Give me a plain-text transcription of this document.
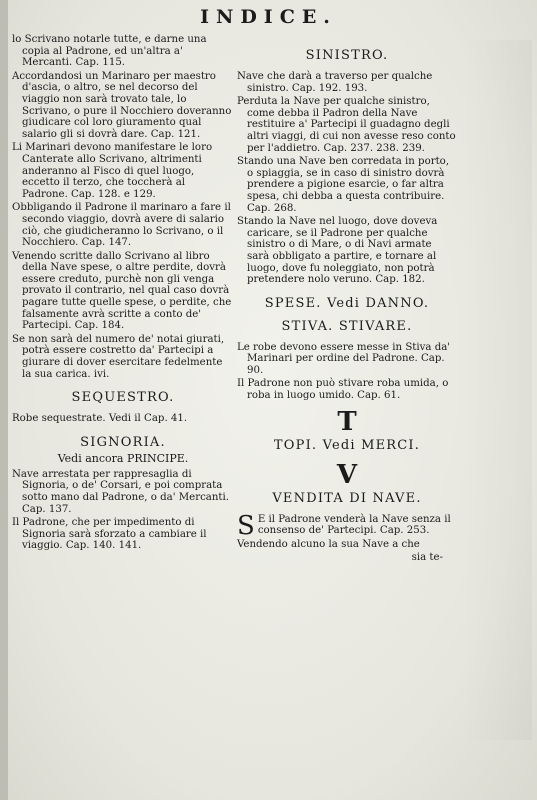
INDICE.

lo Scrivano notarle tutte, e darne una copia al Padrone, ed un'altra a' Mercanti. Cap. 115.

Accordandosi un Marinaro per maestro d'ascia, o altro, se nel decorso del viaggio non sarà trovato tale, lo Scrivano, o pure il Nocchiero doveranno giudicare col loro giuramento qual salario gli si dovrà dare. Cap. 121.

Li Marinari devono manifestare le loro Canterate allo Scrivano, altrimenti anderanno al Fisco di quel luogo, eccetto il terzo, che toccherà al Padrone. Cap. 128. e 129.

Obbligando il Padrone il marinaro a fare il secondo viaggio, dovrà avere di salario ciò, che giudicheranno lo Scrivano, o il Nocchiero. Cap. 147.

Venendo scritte dallo Scrivano al libro della Nave spese, o altre perdite, dovrà essere creduto, purchè non gli venga provato il contrario, nel qual caso dovrà pagare tutte quelle spese, o perdite, che falsamente avrà scritte a conto de' Partecipi. Cap. 184.

Se non sarà del numero de' notai giurati, potrà essere costretto da' Partecipi a giurare di dover esercitare fedelmente la sua carica. ivi.

SEQUESTRO.

Robe sequestrate. Vedi il Cap. 41.

SIGNORIA.
Vedi ancora PRINCIPE.

Nave arrestata per rappresaglia di Signoria, o de' Corsari, e poi comprata sotto mano dal Padrone, o da' Mercanti. Cap. 137.

Il Padrone, che per impedimento di Signoria sarà sforzato a cambiare il viaggio. Cap. 140. 141.

SINISTRO.

Nave che darà a traverso per qualche sinistro. Cap. 192. 193.

Perduta la Nave per qualche sinistro, come debba il Padron della Nave restituire a' Partecipi il guadagno degli altri viaggi, di cui non avesse reso conto per l'addietro. Cap. 237. 238. 239.

Stando una Nave ben corredata in porto, o spiaggia, se in caso di sinistro dovrà prendere a pigione esarcie, o far altra spesa, chi debba a questa contribuire. Cap. 268.

Stando la Nave nel luogo, dove doveva caricare, se il Padrone per qualche sinistro o di Mare, o di Navi armate sarà obbligato a partire, e tornare al luogo, dove fu noleggiato, non potrà pretendere nolo veruno. Cap. 182.

SPESE. Vedi DANNO.
STIVA. STIVARE.

Le robe devono essere messe in Stiva da' Marinari per ordine del Padrone. Cap. 90.

Il Padrone non può stivare roba umida, o roba in luogo umido. Cap. 61.

T
TOPI. Vedi MERCI.
V
VENDITA DI NAVE.
S E il Padrone venderà la Nave senza il consenso de' Partecipi. Cap. 253.

Vendendo alcuno la sua Nave a che

sia te-
